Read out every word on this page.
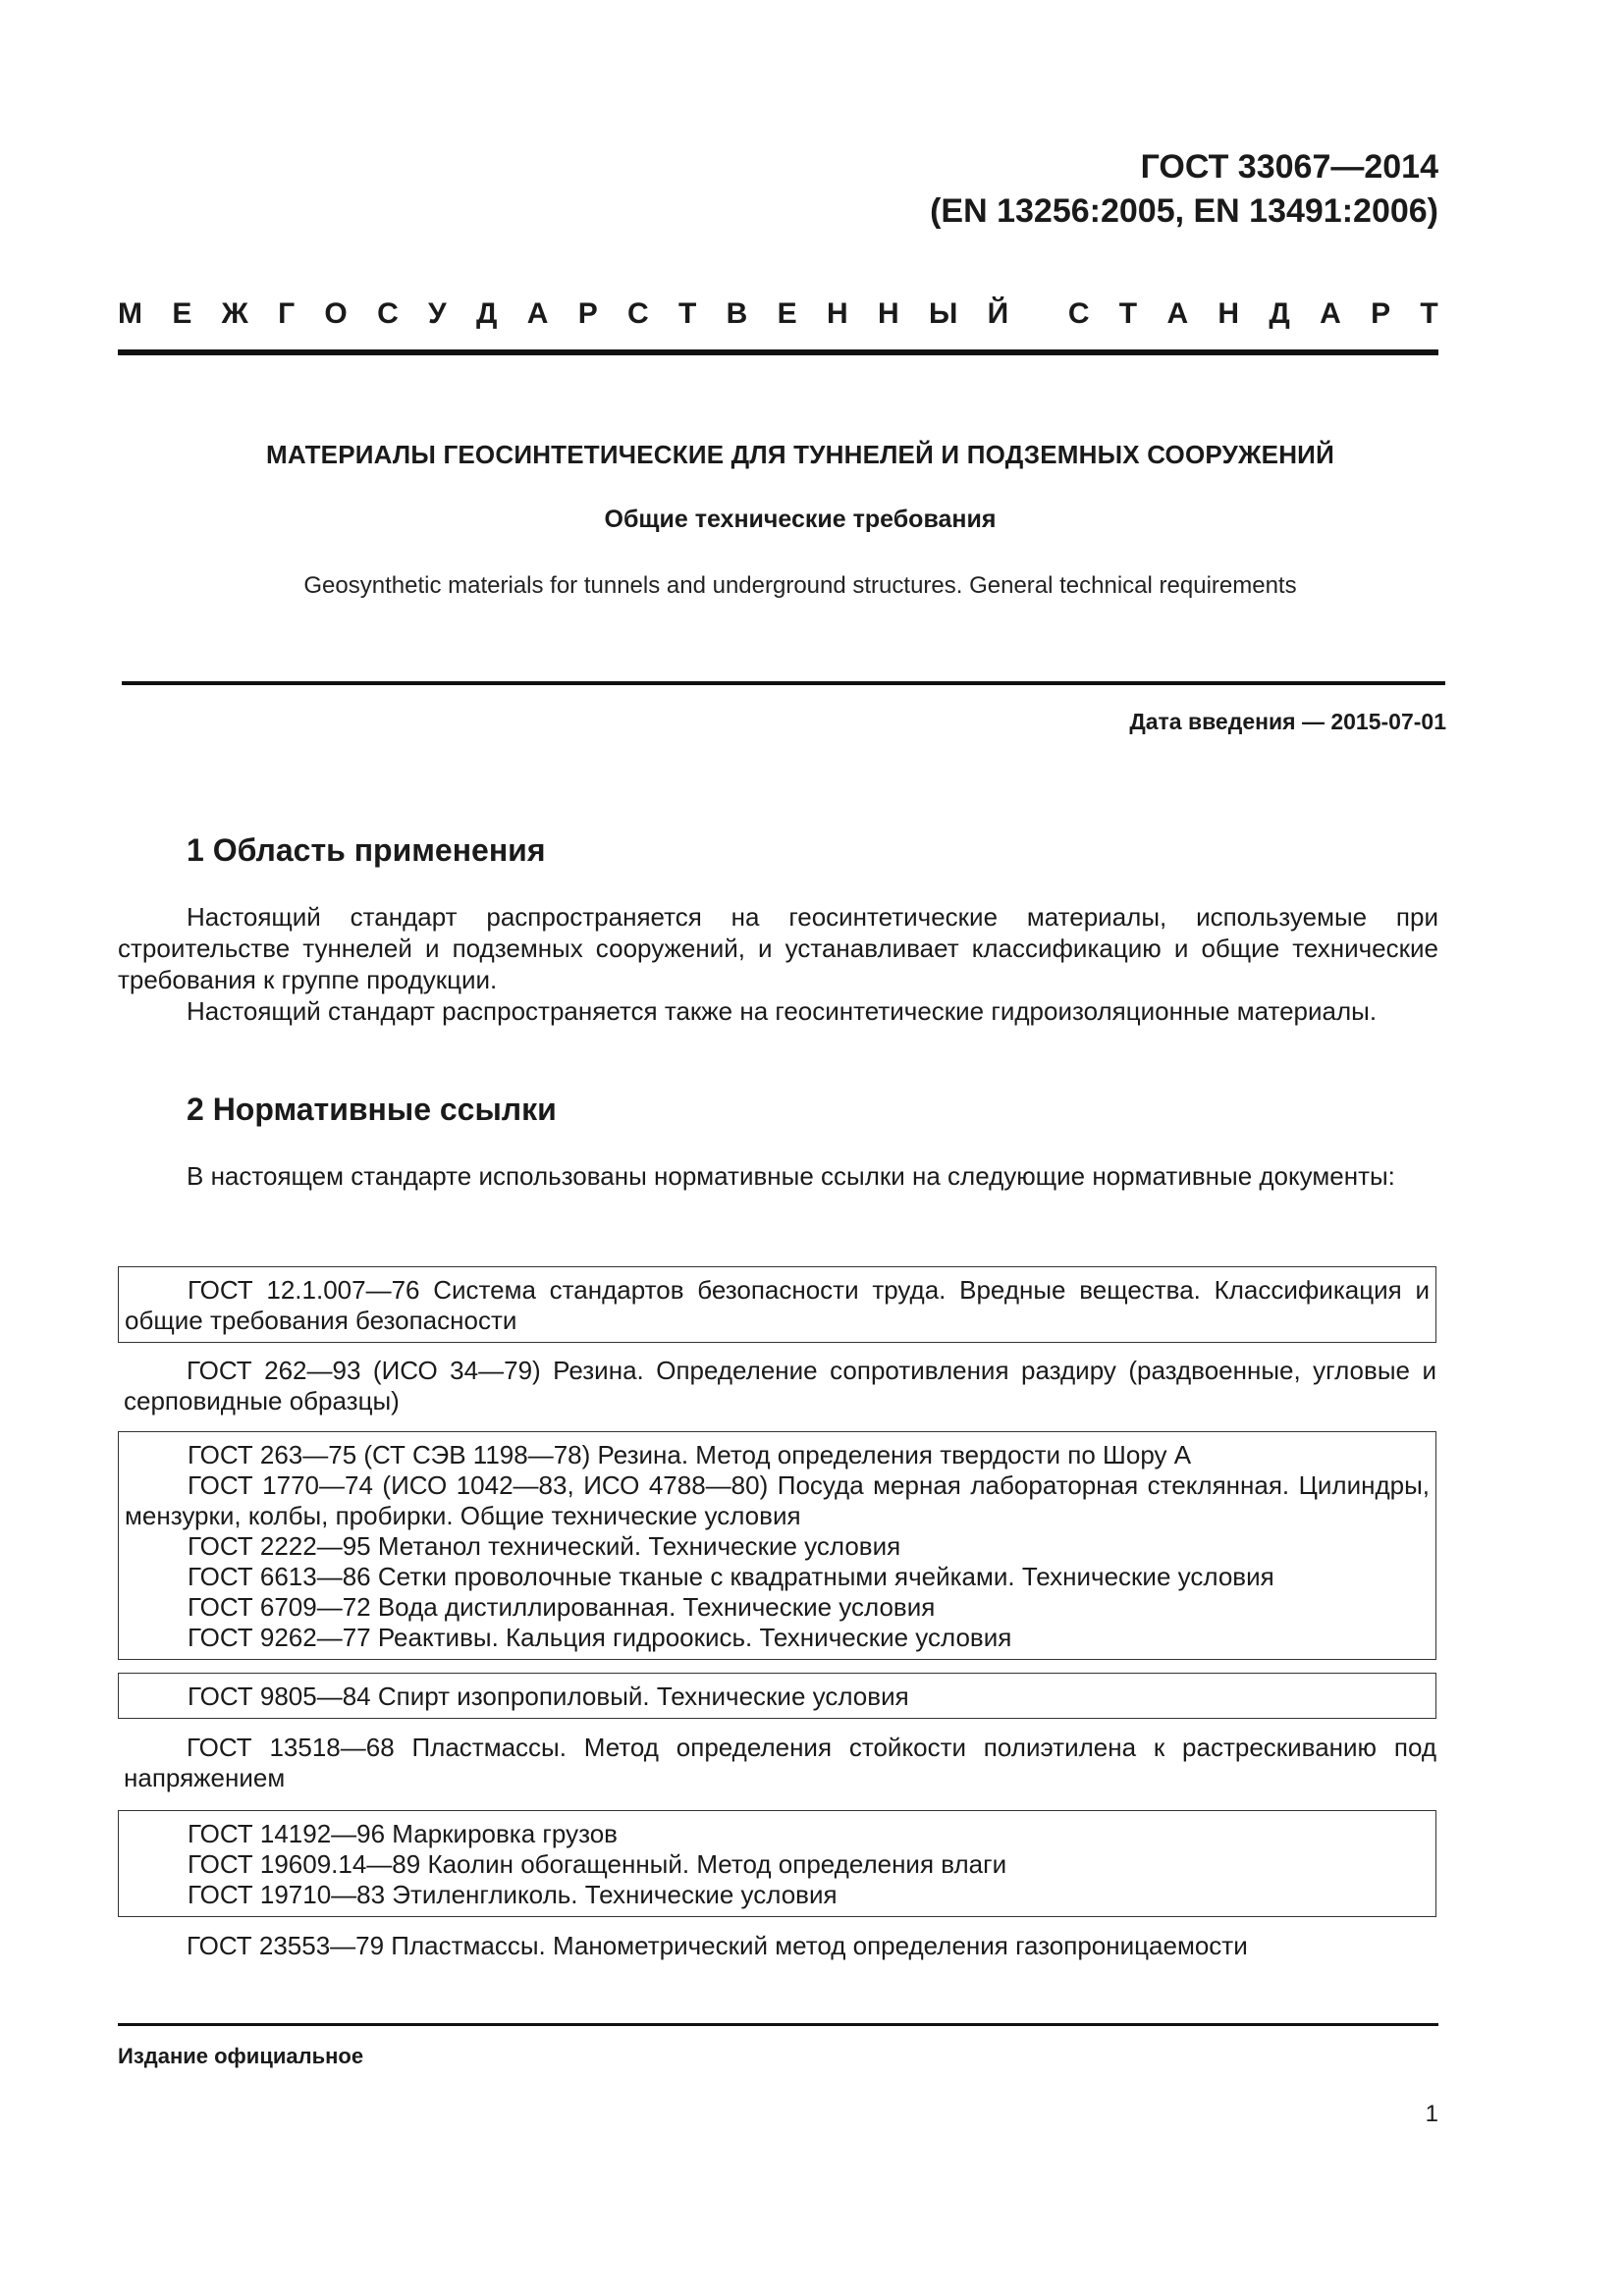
ГОСТ 33067—2014
(EN 13256:2005, EN 13491:2006)
М Е Ж Г О С У Д А Р С Т В Е Н Н Ы Й С Т А Н Д А Р Т
МАТЕРИАЛЫ ГЕОСИНТЕТИЧЕСКИЕ ДЛЯ ТУННЕЛЕЙ И ПОДЗЕМНЫХ СООРУЖЕНИЙ
Общие технические требования
Geosynthetic materials for tunnels and underground structures. General technical requirements
Дата введения — 2015-07-01
1 Область применения
Настоящий стандарт распространяется на геосинтетические материалы, используемые при строительстве туннелей и подземных сооружений, и устанавливает классификацию и общие технические требования к группе продукции.
Настоящий стандарт распространяется также на геосинтетические гидроизоляционные материалы.
2 Нормативные ссылки
В настоящем стандарте использованы нормативные ссылки на следующие нормативные документы:
ГОСТ 12.1.007—76 Система стандартов безопасности труда. Вредные вещества. Классификация и общие требования безопасности
ГОСТ 262—93 (ИСО 34—79) Резина. Определение сопротивления раздиру (раздвоенные, угловые и серповидные образцы)
ГОСТ 263—75 (СТ СЭВ 1198—78) Резина. Метод определения твердости по Шору А
ГОСТ 1770—74 (ИСО 1042—83, ИСО 4788—80) Посуда мерная лабораторная стеклянная. Цилиндры, мензурки, колбы, пробирки. Общие технические условия
ГОСТ 2222—95 Метанол технический. Технические условия
ГОСТ 6613—86 Сетки проволочные тканые с квадратными ячейками. Технические условия
ГОСТ 6709—72 Вода дистиллированная. Технические условия
ГОСТ 9262—77 Реактивы. Кальция гидроокись. Технические условия
ГОСТ 9805—84 Спирт изопропиловый. Технические условия
ГОСТ 13518—68 Пластмассы. Метод определения стойкости полиэтилена к растрескиванию под напряжением
ГОСТ 14192—96 Маркировка грузов
ГОСТ 19609.14—89 Каолин обогащенный. Метод определения влаги
ГОСТ 19710—83 Этиленгликоль. Технические условия
ГОСТ 23553—79 Пластмассы. Манометрический метод определения газопроницаемости
Издание официальное
1
